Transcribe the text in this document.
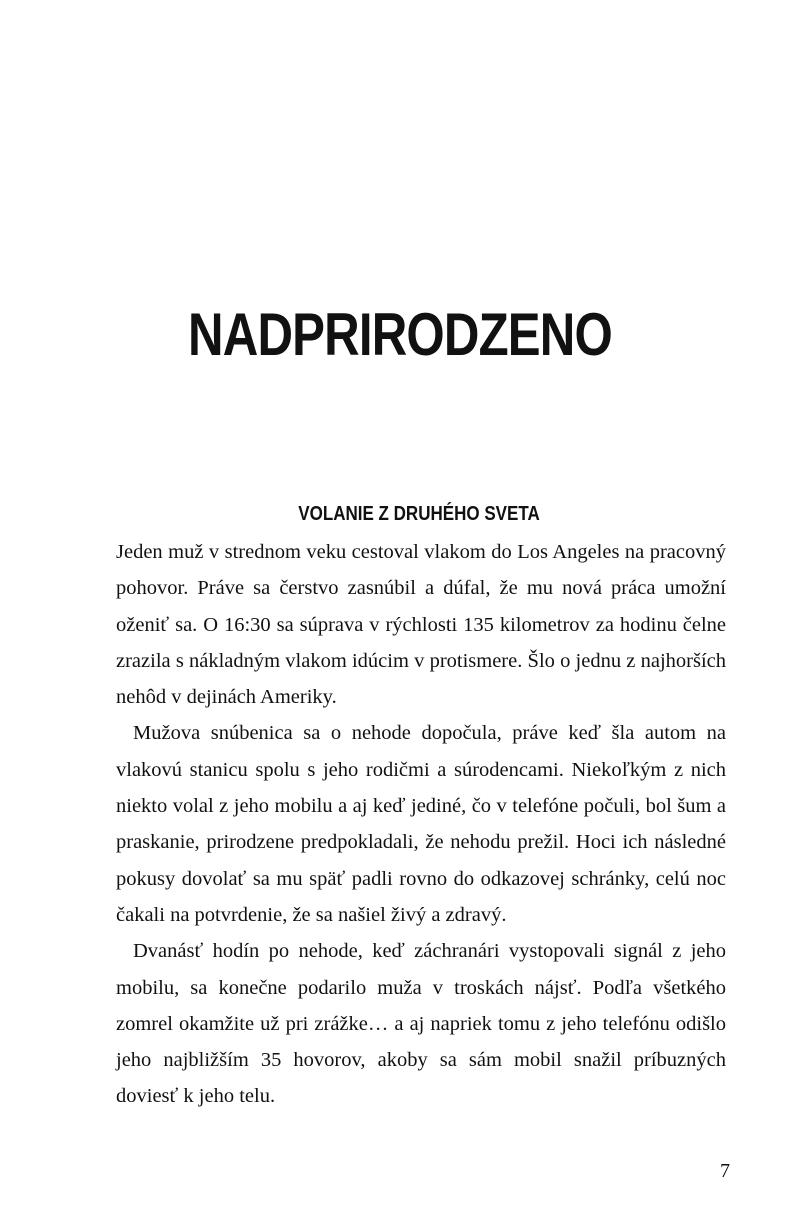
NADPRIRODZENO
VOLANIE Z DRUHÉHO SVETA

Jeden muž v strednom veku cestoval vlakom do Los Angeles na pracovný pohovor. Práve sa čerstvo zasnúbil a dúfal, že mu nová práca umožní oženiť sa. O 16:30 sa súprava v rýchlosti 135 kilometrov za hodinu čelne zrazila s nákladným vlakom idúcim v protismere. Šlo o jednu z najhorších nehôd v dejinách Ameriky.

Mužova snúbenica sa o nehode dopočula, práve keď šla autom na vlakovú stanicu spolu s jeho rodičmi a súrodencami. Niekoľkým z nich niekto volal z jeho mobilu a aj keď jediné, čo v telefóne počuli, bol šum a praskanie, prirodzene predpokladali, že nehodu prežil. Hoci ich následné pokusy dovolať sa mu späť padli rovno do odkazovej schránky, celú noc čakali na potvrdenie, že sa našiel živý a zdravý.

Dvanásť hodín po nehode, keď záchranári vystopovali signál z jeho mobilu, sa konečne podarilo muža v troskách nájsť. Podľa všetkého zomrel okamžite už pri zrážke… a aj napriek tomu z jeho telefónu odišlo jeho najbližším 35 hovorov, akoby sa sám mobil snažil príbuzných doviesť k jeho telu.

7
